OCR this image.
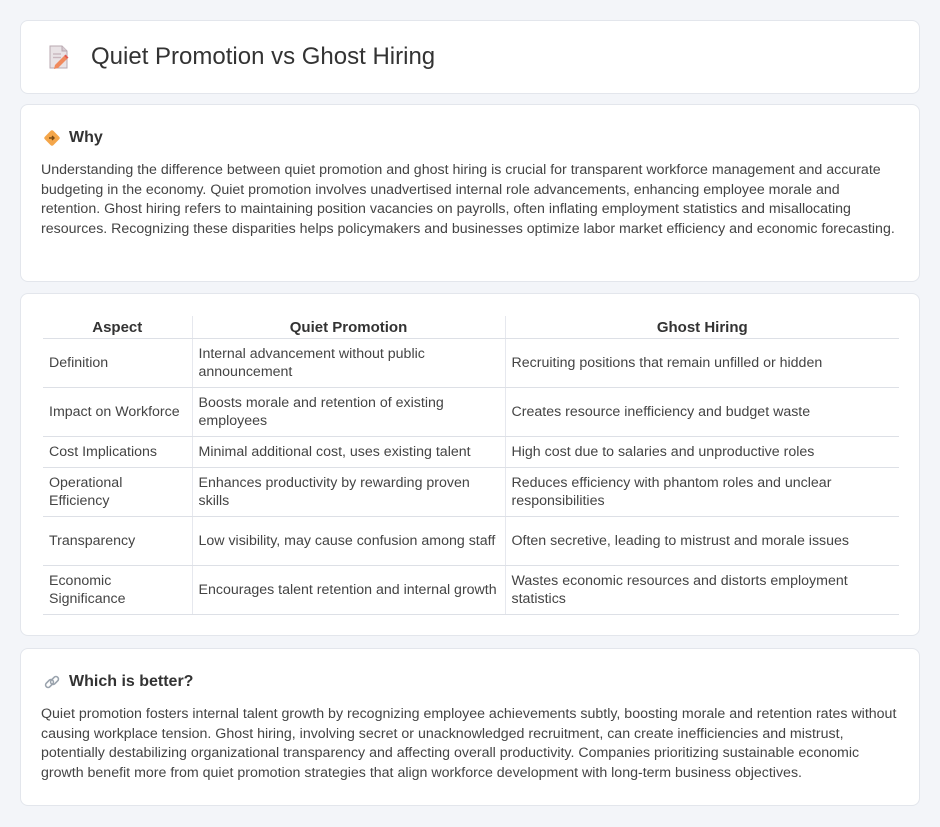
Quiet Promotion vs Ghost Hiring
Why

Understanding the difference between quiet promotion and ghost hiring is crucial for transparent workforce management and accurate budgeting in the economy. Quiet promotion involves unadvertised internal role advancements, enhancing employee morale and retention. Ghost hiring refers to maintaining position vacancies on payrolls, often inflating employment statistics and misallocating resources. Recognizing these disparities helps policymakers and businesses optimize labor market efficiency and economic forecasting.

Aspect	Quiet Promotion	Ghost Hiring
Definition	Internal advancement without public announcement	Recruiting positions that remain unfilled or hidden
Impact on Workforce	Boosts morale and retention of existing employees	Creates resource inefficiency and budget waste
Cost Implications	Minimal additional cost, uses existing talent	High cost due to salaries and unproductive roles
Operational Efficiency	Enhances productivity by rewarding proven skills	Reduces efficiency with phantom roles and unclear responsibilities
Transparency	Low visibility, may cause confusion among staff	Often secretive, leading to mistrust and morale issues
Economic Significance	Encourages talent retention and internal growth	Wastes economic resources and distorts employment statistics
Which is better?

Quiet promotion fosters internal talent growth by recognizing employee achievements subtly, boosting morale and retention rates without causing workplace tension. Ghost hiring, involving secret or unacknowledged recruitment, can create inefficiencies and mistrust, potentially destabilizing organizational transparency and affecting overall productivity. Companies prioritizing sustainable economic growth benefit more from quiet promotion strategies that align workforce development with long-term business objectives.
